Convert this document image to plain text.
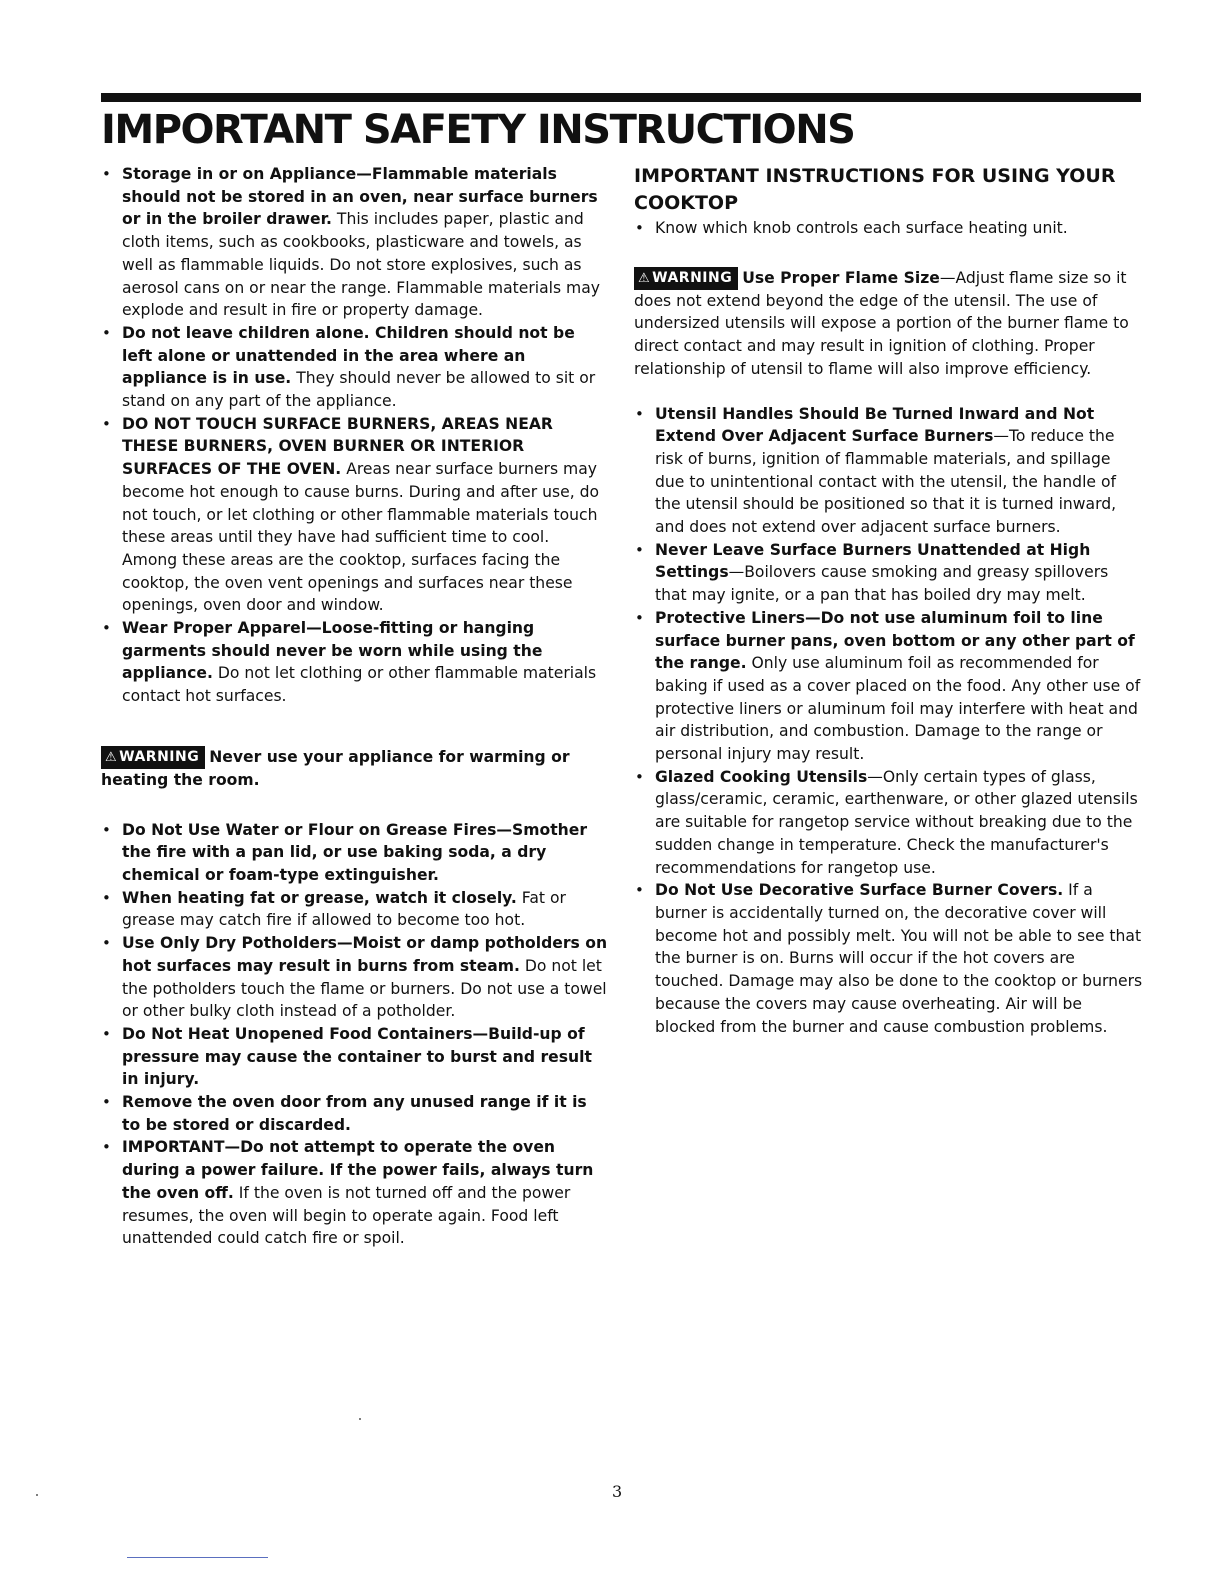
IMPORTANT SAFETY INSTRUCTIONS
• Storage in or on Appliance—Flammable materials should not be stored in an oven, near surface burners or in the broiler drawer. This includes paper, plastic and cloth items, such as cookbooks, plasticware and towels, as well as flammable liquids. Do not store explosives, such as aerosol cans on or near the range. Flammable materials may explode and result in fire or property damage.
• Do not leave children alone. Children should not be left alone or unattended in the area where an appliance is in use. They should never be allowed to sit or stand on any part of the appliance.
• DO NOT TOUCH SURFACE BURNERS, AREAS NEAR THESE BURNERS, OVEN BURNER OR INTERIOR SURFACES OF THE OVEN. Areas near surface burners may become hot enough to cause burns. During and after use, do not touch, or let clothing or other flammable materials touch these areas until they have had sufficient time to cool. Among these areas are the cooktop, surfaces facing the cooktop, the oven vent openings and surfaces near these openings, oven door and window.
• Wear Proper Apparel—Loose-fitting or hanging garments should never be worn while using the appliance. Do not let clothing or other flammable materials contact hot surfaces.

⚠ WARNING Never use your appliance for warming or heating the room.

• Do Not Use Water or Flour on Grease Fires—Smother the fire with a pan lid, or use baking soda, a dry chemical or foam-type extinguisher.
• When heating fat or grease, watch it closely. Fat or grease may catch fire if allowed to become too hot.
• Use Only Dry Potholders—Moist or damp potholders on hot surfaces may result in burns from steam. Do not let the potholders touch the flame or burners. Do not use a towel or other bulky cloth instead of a potholder.
• Do Not Heat Unopened Food Containers—Build-up of pressure may cause the container to burst and result in injury.
• Remove the oven door from any unused range if it is to be stored or discarded.
• IMPORTANT—Do not attempt to operate the oven during a power failure. If the power fails, always turn the oven off. If the oven is not turned off and the power resumes, the oven will begin to operate again. Food left unattended could catch fire or spoil.
IMPORTANT INSTRUCTIONS FOR USING YOUR COOKTOP
• Know which knob controls each surface heating unit.

⚠ WARNING Use Proper Flame Size—Adjust flame size so it does not extend beyond the edge of the utensil. The use of undersized utensils will expose a portion of the burner flame to direct contact and may result in ignition of clothing. Proper relationship of utensil to flame will also improve efficiency.

• Utensil Handles Should Be Turned Inward and Not Extend Over Adjacent Surface Burners—To reduce the risk of burns, ignition of flammable materials, and spillage due to unintentional contact with the utensil, the handle of the utensil should be positioned so that it is turned inward, and does not extend over adjacent surface burners.
• Never Leave Surface Burners Unattended at High Settings—Boilovers cause smoking and greasy spillovers that may ignite, or a pan that has boiled dry may melt.
• Protective Liners—Do not use aluminum foil to line surface burner pans, oven bottom or any other part of the range. Only use aluminum foil as recommended for baking if used as a cover placed on the food. Any other use of protective liners or aluminum foil may interfere with heat and air distribution, and combustion. Damage to the range or personal injury may result.
• Glazed Cooking Utensils—Only certain types of glass, glass/ceramic, ceramic, earthenware, or other glazed utensils are suitable for rangetop service without breaking due to the sudden change in temperature. Check the manufacturer's recommendations for rangetop use.
• Do Not Use Decorative Surface Burner Covers. If a burner is accidentally turned on, the decorative cover will become hot and possibly melt. You will not be able to see that the burner is on. Burns will occur if the hot covers are touched. Damage may also be done to the cooktop or burners because the covers may cause overheating. Air will be blocked from the burner and cause combustion problems.
3
